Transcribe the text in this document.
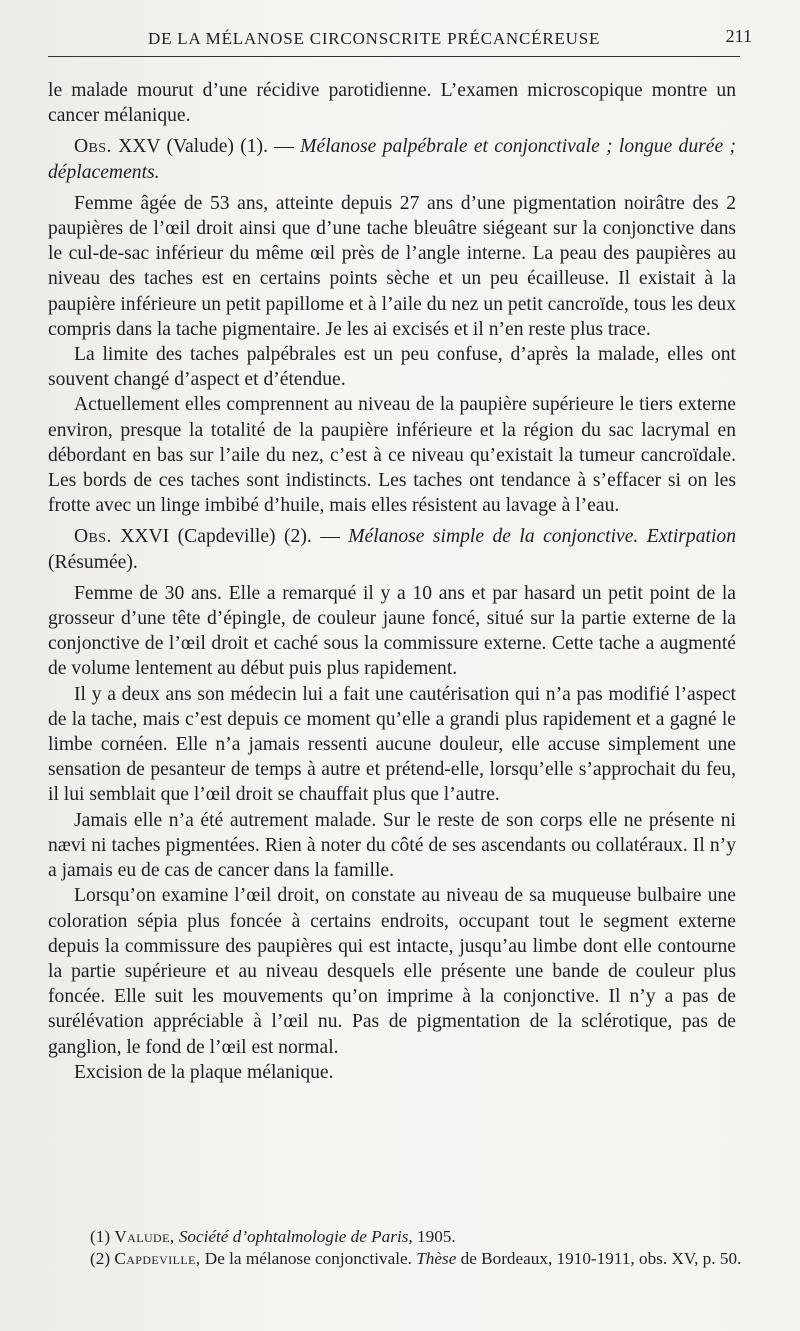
DE LA MÉLANOSE CIRCONSCRITE PRÉCANCÉREUSE	211

le malade mourut d’une récidive parotidienne. L’examen microscopique montre un cancer mélanique.

Obs. XXV (Valude) (1). — Mélanose palpébrale et conjonctivale ; longue durée ; déplacements.

Femme âgée de 53 ans, atteinte depuis 27 ans d’une pigmentation noirâtre des 2 paupières de l’œil droit ainsi que d’une tache bleuâtre siégeant sur la conjonctive dans le cul-de-sac inférieur du même œil près de l’angle interne. La peau des paupières au niveau des taches est en certains points sèche et un peu écailleuse. Il existait à la paupière inférieure un petit papillome et à l’aile du nez un petit cancroïde, tous les deux compris dans la tache pigmentaire. Je les ai excisés et il n’en reste plus trace.

La limite des taches palpébrales est un peu confuse, d’après la malade, elles ont souvent changé d’aspect et d’étendue.

Actuellement elles comprennent au niveau de la paupière supérieure le tiers externe environ, presque la totalité de la paupière inférieure et la région du sac lacrymal en débordant en bas sur l’aile du nez, c’est à ce niveau qu’existait la tumeur cancroïdale. Les bords de ces taches sont indistincts. Les taches ont tendance à s’effacer si on les frotte avec un linge imbibé d’huile, mais elles résistent au lavage à l’eau.

Obs. XXVI (Capdeville) (2). — Mélanose simple de la conjonctive. Extirpation (Résumée).

Femme de 30 ans. Elle a remarqué il y a 10 ans et par hasard un petit point de la grosseur d’une tête d’épingle, de couleur jaune foncé, situé sur la partie externe de la conjonctive de l’œil droit et caché sous la commissure externe. Cette tache a augmenté de volume lentement au début puis plus rapidement.

Il y a deux ans son médecin lui a fait une cautérisation qui n’a pas modifié l’aspect de la tache, mais c’est depuis ce moment qu’elle a grandi plus rapidement et a gagné le limbe cornéen. Elle n’a jamais ressenti aucune douleur, elle accuse simplement une sensation de pesanteur de temps à autre et prétend-elle, lorsqu’elle s’approchait du feu, il lui semblait que l’œil droit se chauffait plus que l’autre.

Jamais elle n’a été autrement malade. Sur le reste de son corps elle ne présente ni nævi ni taches pigmentées. Rien à noter du côté de ses ascendants ou collatéraux. Il n’y a jamais eu de cas de cancer dans la famille.

Lorsqu’on examine l’œil droit, on constate au niveau de sa muqueuse bulbaire une coloration sépia plus foncée à certains endroits, occupant tout le segment externe depuis la commissure des paupières qui est intacte, jusqu’au limbe dont elle contourne la partie supérieure et au niveau desquels elle présente une bande de couleur plus foncée. Elle suit les mouvements qu’on imprime à la conjonctive. Il n’y a pas de surélévation appréciable à l’œil nu. Pas de pigmentation de la sclérotique, pas de ganglion, le fond de l’œil est normal.

Excision de la plaque mélanique.

(1) Valude, Société d’ophtalmologie de Paris, 1905.

(2) Capdeville, De la mélanose conjonctivale. Thèse de Bordeaux, 1910-1911, obs. XV, p. 50.
